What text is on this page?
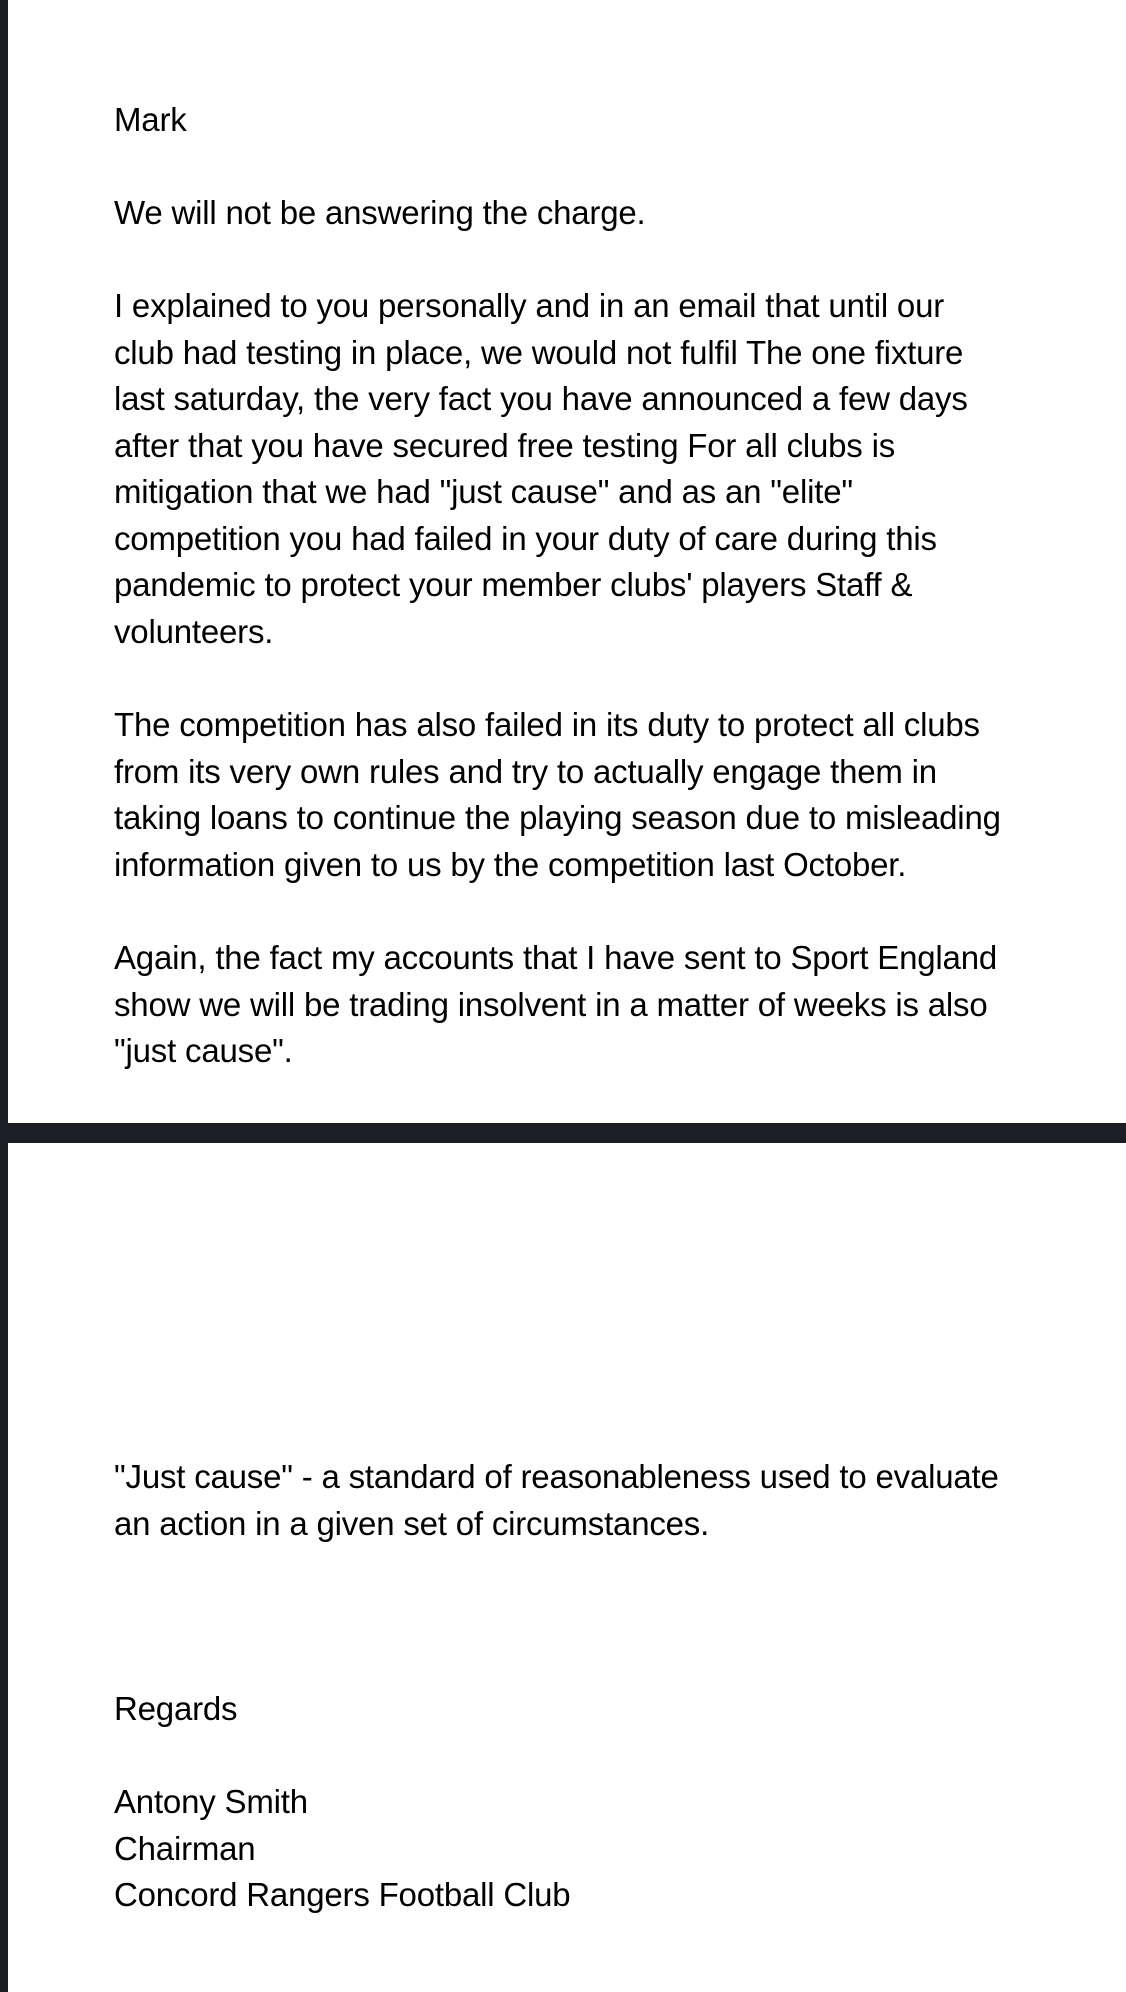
Mark

We will not be answering the charge.

I explained to you personally and in an email that until our
club had testing in place, we would not fulfil The one fixture
last saturday, the very fact you have announced a few days
after that you have secured free testing For all clubs is
mitigation that we had "just cause" and as an "elite"
competition you had failed in your duty of care during this
pandemic to protect your member clubs' players Staff &
volunteers.

The competition has also failed in its duty to protect all clubs
from its very own rules and try to actually engage them in
taking loans to continue the playing season due to misleading
information given to us by the competition last October.

Again, the fact my accounts that I have sent to Sport England
show we will be trading insolvent in a matter of weeks is also
"just cause".

"Just cause" - a standard of reasonableness used to evaluate
an action in a given set of circumstances.

Regards

Antony Smith

Chairman

Concord Rangers Football Club
